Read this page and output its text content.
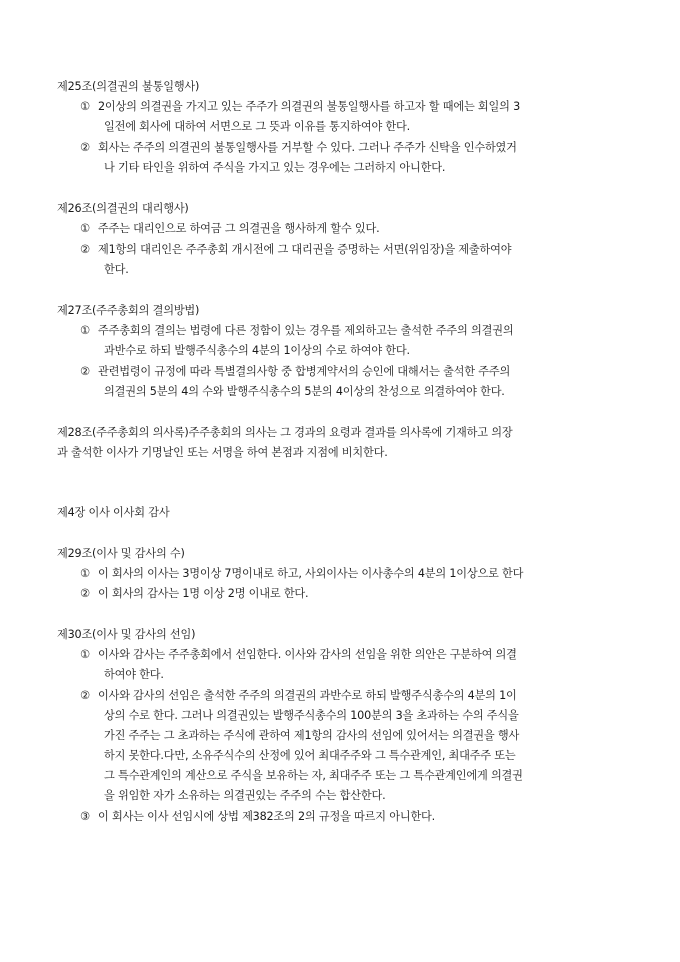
제25조(의결권의 불통일행사)
① 2이상의 의결권을 가지고 있는 주주가 의결권의 불통일행사를 하고자 할 때에는 회일의 3
일전에 회사에 대하여 서면으로 그 뜻과 이유를 통지하여야 한다.
② 회사는 주주의 의결권의 불통일행사를 거부할 수 있다. 그러나 주주가 신탁을 인수하였거
나 기타 타인을 위하여 주식을 가지고 있는 경우에는 그러하지 아니한다.
제26조(의결권의 대리행사)
① 주주는 대리인으로 하여금 그 의결권을 행사하게 할수 있다.
② 제1항의 대리인은 주주총회 개시전에 그 대리권을 증명하는 서면(위임장)을 제출하여야
한다.
제27조(주주총회의 결의방법)
① 주주총회의 결의는 법령에 다른 정함이 있는 경우를 제외하고는 출석한 주주의 의결권의
과반수로 하되 발행주식총수의 4분의 1이상의 수로 하여야 한다.
② 관련법령이 규정에 따라 특별결의사항 중 합병계약서의 승인에 대해서는 출석한 주주의
의결권의 5분의 4의 수와 발행주식총수의 5분의 4이상의 찬성으로 의결하여야 한다.
제28조(주주총회의 의사록)주주총회의 의사는 그 경과의 요령과 결과를 의사록에 기재하고 의장
과 출석한 이사가 기명날인 또는 서명을 하여 본점과 지점에 비치한다.
제4장 이사 이사회 감사
제29조(이사 및 감사의 수)
① 이 회사의 이사는 3명이상 7명이내로 하고, 사외이사는 이사총수의 4분의 1이상으로 한다
② 이 회사의 감사는 1명 이상 2명 이내로 한다.
제30조(이사 및 감사의 선임)
① 이사와 감사는 주주총회에서 선임한다. 이사와 감사의 선임을 위한 의안은 구분하여 의결
하여야 한다.
② 이사와 감사의 선임은 출석한 주주의 의결권의 과반수로 하되 발행주식총수의 4분의 1이
상의 수로 한다. 그러나 의결권있는 발행주식총수의 100분의 3을 초과하는 수의 주식을
가진 주주는 그 초과하는 주식에 관하여 제1항의 감사의 선임에 있어서는 의결권을 행사
하지 못한다.다만, 소유주식수의 산정에 있어 최대주주와 그 특수관계인, 최대주주 또는
그 특수관계인의 계산으로 주식을 보유하는 자, 최대주주 또는 그 특수관계인에게 의결권
을 위임한 자가 소유하는 의결권있는 주주의 수는 합산한다.
③ 이 회사는 이사 선임시에 상법 제382조의 2의 규정을 따르지 아니한다.
